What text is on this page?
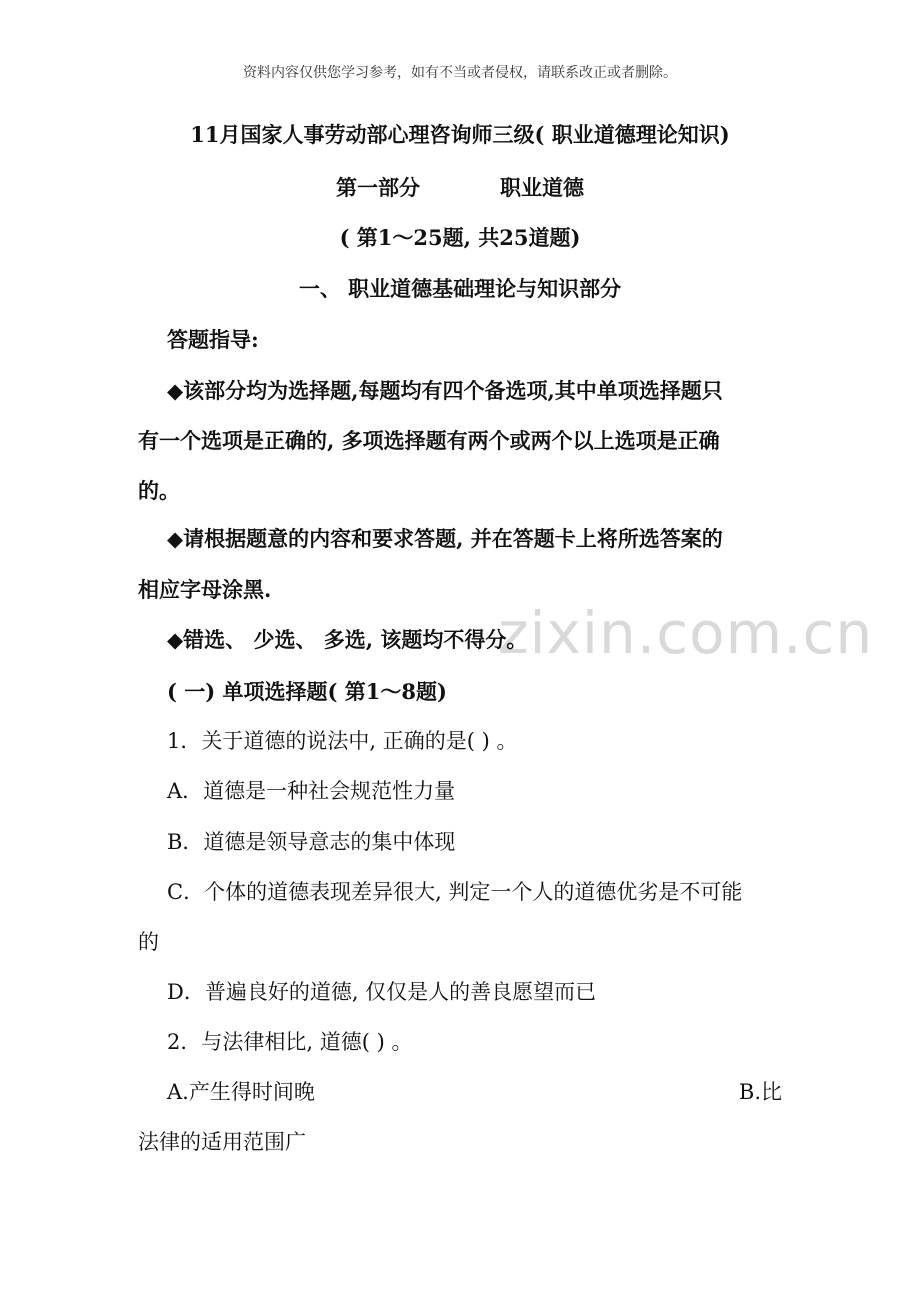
资料内容仅供您学习参考，如有不当或者侵权，请联系改正或者删除。
11月国家人事劳动部心理咨询师三级( 职业道德理论知识)
第一部分	职业道德
( 第1～25题, 共25道题)
一、 职业道德基础理论与知识部分
答题指导:
◆该部分均为选择题,每题均有四个备选项,其中单项选择题只
有一个选项是正确的, 多项选择题有两个或两个以上选项是正确
的。
◆请根据题意的内容和要求答题, 并在答题卡上将所选答案的
相应字母涂黑.
zixin.com.cn
◆错选、 少选、 多选, 该题均不得分。
( 一) 单项选择题( 第1～8题)
1．关于道德的说法中, 正确的是( ) 。
A．道德是一种社会规范性力量
B．道德是领导意志的集中体现
C．个体的道德表现差异很大, 判定一个人的道德优劣是不可能
的
D．普遍良好的道德, 仅仅是人的善良愿望而已
2．与法律相比, 道德( ) 。
A.产生得时间晚	B.比
法律的适用范围广
